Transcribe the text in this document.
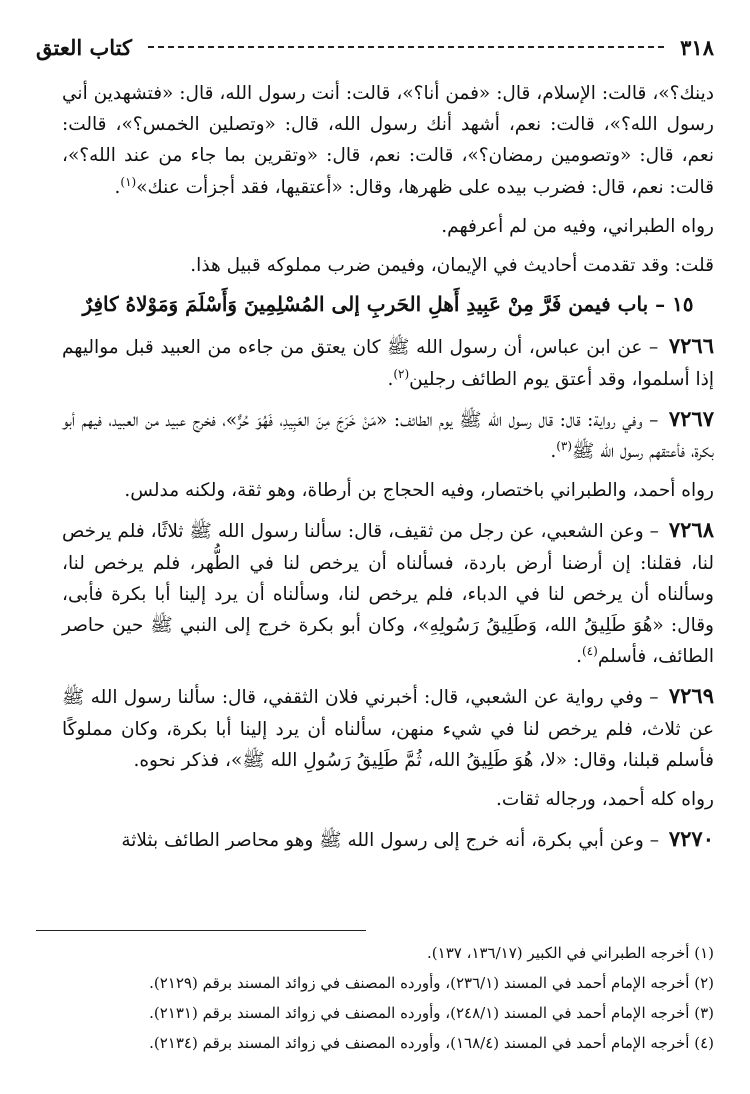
٣١٨
كتاب العتق

دينك؟»، قالت: الإسلام، قال: «فمن أنا؟»، قالت: أنت رسول الله، قال: «فتشهدين أني رسول الله؟»، قالت: نعم، أشهد أنك رسول الله، قال: «وتصلين الخمس؟»، قالت: نعم، قال: «وتصومين رمضان؟»، قالت: نعم، قال: «وتقرين بما جاء من عند الله؟»، قالت: نعم، قال: فضرب بيده على ظهرها، وقال: «أعتقيها، فقد أجزأت عنك»$^{(١)}$.

رواه الطبراني، وفيه من لم أعرفهم.

قلت: وقد تقدمت أحاديث في الإيمان، وفيمن ضرب مملوكه قبيل هذا.

١٥ – باب فيمن فَرَّ مِنْ عَبِيدِ أَهلِ الحَربِ إلى المُسْلِمِينَ وَأَسْلَمَ وَمَوْلاهُ كافِرٌ

٧٢٦٦ – عن ابن عباس، أن رسول الله ﷺ كان يعتق من جاءه من العبيد قبل مواليهم إذا أسلموا، وقد أعتق يوم الطائف رجلين$^{(٢)}$.

٧٢٦٧ – وفي رواية: قال: قال رسول الله ﷺ يوم الطائف: «مَنْ خَرَجَ مِنَ العَبِيدِ، فَهُوَ حُرٌّ»، فخرج عبيد من العبيد، فيهم أبو بكرة، فأعتقهم رسول الله ﷺ$^{(٣)}$.

رواه أحمد، والطبراني باختصار، وفيه الحجاج بن أرطاة، وهو ثقة، ولكنه مدلس.

٧٢٦٨ – وعن الشعبي، عن رجل من ثقيف، قال: سألنا رسول الله ﷺ ثلاثًا، فلم يرخص لنا، فقلنا: إن أرضنا أرض باردة، فسألناه أن يرخص لنا في الطُّهر، فلم يرخص لنا، وسألناه أن يرخص لنا في الدباء، فلم يرخص لنا، وسألناه أن يرد إلينا أبا بكرة فأبى، وقال: «هُوَ طَلِيقُ الله، وَطَلِيقُ رَسُولِهِ»، وكان أبو بكرة خرج إلى النبي ﷺ حين حاصر الطائف، فأسلم$^{(٤)}$.

٧٢٦٩ – وفي رواية عن الشعبي، قال: أخبرني فلان الثقفي، قال: سألنا رسول الله ﷺ عن ثلاث، فلم يرخص لنا في شيء منهن، سألناه أن يرد إلينا أبا بكرة، وكان مملوكًا فأسلم قبلنا، وقال: «لا، هُوَ طَلِيقُ الله، ثُمَّ طَلِيقُ رَسُولِ الله ﷺ»، فذكر نحوه.

رواه كله أحمد، ورجاله ثقات.

٧٢٧٠ – وعن أبي بكرة، أنه خرج إلى رسول الله ﷺ وهو محاصر الطائف بثلاثة

(١) أخرجه الطبراني في الكبير (١٣٦/١٧، ١٣٧).
(٢) أخرجه الإمام أحمد في المسند (٢٣٦/١)، وأورده المصنف في زوائد المسند برقم (٢١٢٩).
(٣) أخرجه الإمام أحمد في المسند (٢٤٨/١)، وأورده المصنف في زوائد المسند برقم (٢١٣١).
(٤) أخرجه الإمام أحمد في المسند (١٦٨/٤)، وأورده المصنف في زوائد المسند برقم (٢١٣٤).
